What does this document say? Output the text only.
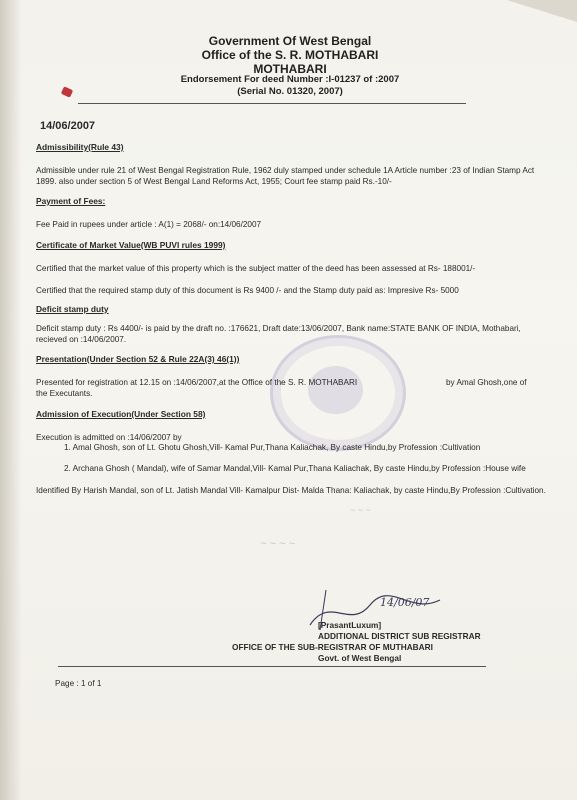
Government Of West Bengal
Office of the S. R. MOTHABARI
MOTHABARI
Endorsement For deed Number :I-01237 of :2007
(Serial No. 01320, 2007)
14/06/2007
Admissibility(Rule 43)
Admissible under rule 21 of West Bengal Registration Rule, 1962 duly stamped under schedule 1A Article number :23 of Indian Stamp Act 1899. also under section 5 of West Bengal Land Reforms Act, 1955; Court fee stamp paid Rs.-10/-
Payment of Fees:
Fee Paid in rupees under article : A(1) = 2068/- on:14/06/2007
Certificate of Market Value(WB PUVI rules 1999)
Certified that the market value of this property which is the subject matter of the deed has been assessed at Rs- 188001/-
Certified that the required stamp duty of this document is Rs 9400 /- and the Stamp duty paid as: Impresive Rs- 5000
Deficit stamp duty
Deficit stamp duty : Rs 4400/- is paid by the draft no. :176621, Draft date:13/06/2007, Bank name:STATE BANK OF INDIA, Mothabari, recieved on :14/06/2007.
Presentation(Under Section 52 & Rule 22A(3) 46(1))
Presented for registration at 12.15 on :14/06/2007,at the Office of the S. R. MOTHABARI	by Amal Ghosh,one of
the Executants.
Admission of Execution(Under Section 58)
Execution is admitted on :14/06/2007 by
1. Amal Ghosh, son of Lt. Ghotu Ghosh,Vill- Kamal Pur,Thana Kaliachak, By caste Hindu,by Profession :Cultivation
2. Archana Ghosh ( Mandal), wife of Samar Mandal,Vill- Kamal Pur,Thana Kaliachak, By caste Hindu,by Profession :House wife
Identified By Harish Mandal, son of Lt. Jatish Mandal Vill- Kamalpur Dist- Malda Thana: Kaliachak, by caste Hindu,By Profession :Cultivation.
~ ~ ~
~ ~ ~ ~
14/06/07
[PrasantLuxum]
ADDITIONAL DISTRICT SUB REGISTRAR
OFFICE OF THE SUB-REGISTRAR OF MUTHABARI
Govt. of West Bengal
Page : 1 of 1
